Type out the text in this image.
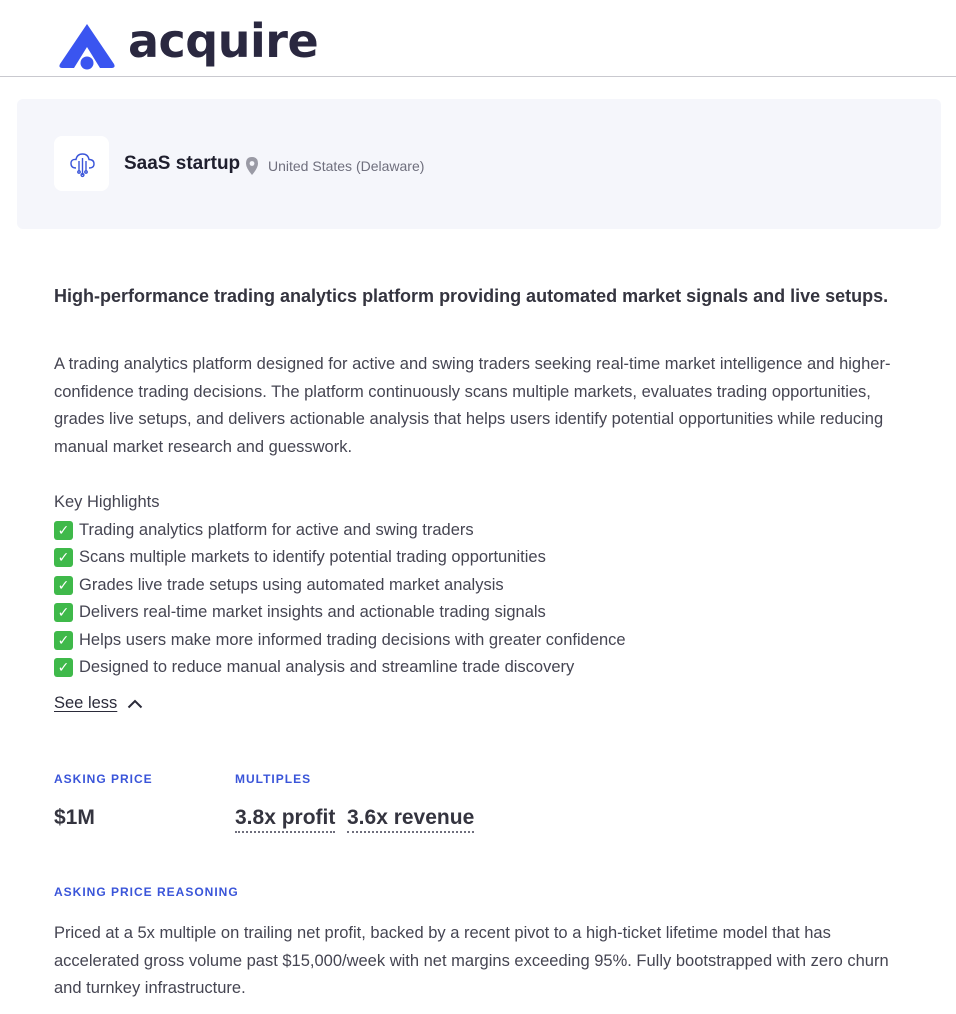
acquire
SaaS startup United States (Delaware)
High-performance trading analytics platform providing automated market signals and live setups.
A trading analytics platform designed for active and swing traders seeking real-time market intelligence and higher-confidence trading decisions. The platform continuously scans multiple markets, evaluates trading opportunities, grades live setups, and delivers actionable analysis that helps users identify potential opportunities while reducing manual market research and guesswork.
Key Highlights
✓ Trading analytics platform for active and swing traders
✓ Scans multiple markets to identify potential trading opportunities
✓ Grades live trade setups using automated market analysis
✓ Delivers real-time market insights and actionable trading signals
✓ Helps users make more informed trading decisions with greater confidence
✓ Designed to reduce manual analysis and streamline trade discovery
See less
ASKING PRICE
$1M
MULTIPLES
3.8x profit 3.6x revenue
ASKING PRICE REASONING
Priced at a 5x multiple on trailing net profit, backed by a recent pivot to a high-ticket lifetime model that has accelerated gross volume past $15,000/week with net margins exceeding 95%. Fully bootstrapped with zero churn and turnkey infrastructure.
